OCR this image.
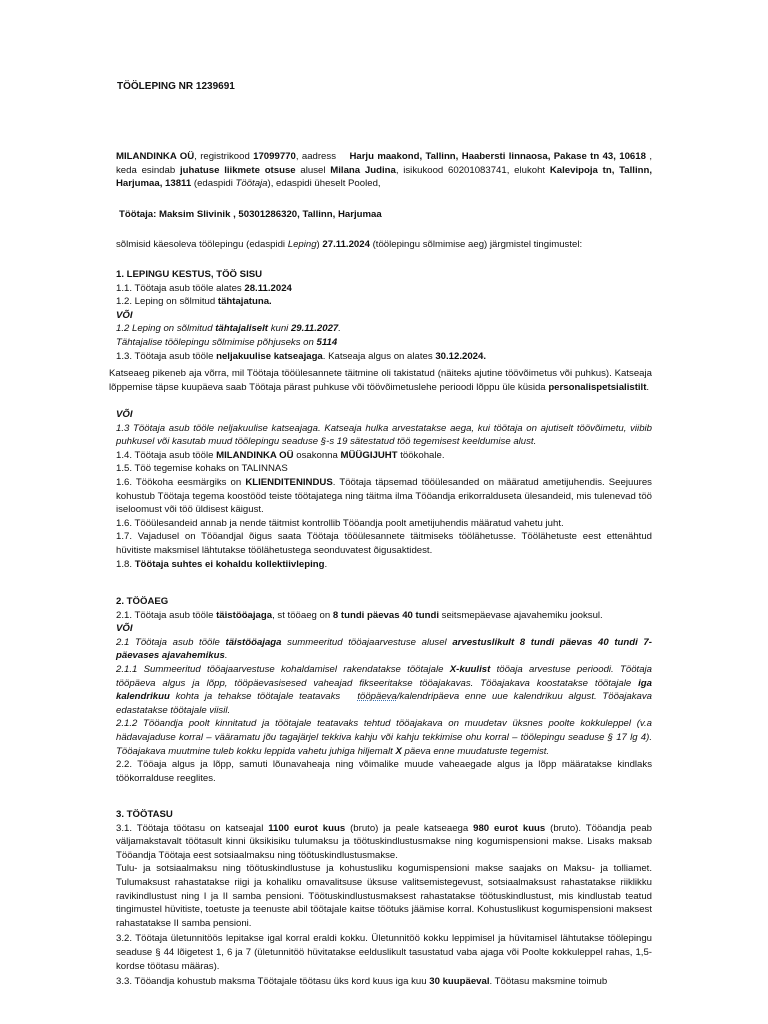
TÖÖLEPING NR 1239691

MILANDINKA OÜ, registrikood 17099770, aadress Harju maakond, Tallinn, Haabersti linnaosa, Pakase tn 43, 10618 , keda esindab juhatuse liikmete otsuse alusel Milana Judina, isikukood 60201083741, elukoht Kalevipoja tn, Tallinn, Harjumaa, 13811 (edaspidi Töötaja), edaspidi üheselt Pooled,

Töötaja: Maksim Slivinik , 50301286320, Tallinn, Harjumaa
sõlmisid käesoleva töölepingu (edaspidi Leping) 27.11.2024 (töölepingu sõlmimise aeg) järgmistel tingimustel:

1. LEPINGU KESTUS, TÖÖ SISU

1.1. Töötaja asub tööle alates 28.11.2024

1.2. Leping on sõlmitud tähtajatuna.

VÕI

1.2 Leping on sõlmitud tähtajaliselt kuni 29.11.2027.

Tähtajalise töölepingu sõlmimise põhjuseks on 5114

1.3. Töötaja asub tööle neljakuulise katseajaga. Katseaja algus on alates 30.12.2024.

Katseaeg pikeneb aja võrra, mil Töötaja tööülesannete täitmine oli takistatud (näiteks ajutine töövõimetus või puhkus). Katseaja lõppemise täpse kuupäeva saab Töötaja pärast puhkuse või töövõimetuslehe perioodi lõppu üle küsida personalispetsialistilt.

VÕI

1.3 Töötaja asub tööle neljakuulise katseajaga. Katseaja hulka arvestatakse aega, kui töötaja on ajutiselt töövõimetu, viibib puhkusel või kasutab muud töölepingu seaduse §-s 19 sätestatud töö tegemisest keeldumise alust.

1.4. Töötaja asub tööle MILANDINKA OÜ osakonna MÜÜGIJUHT töökohale.

1.5. Töö tegemise kohaks on TALINNAS

1.6. Töökoha eesmärgiks on KLIENDITENINDUS. Töötaja täpsemad tööülesanded on määratud ametijuhendis. Seejuures kohustub Töötaja tegema koostööd teiste töötajatega ning täitma ilma Tööandja erikorralduseta ülesandeid, mis tulenevad töö iseloomust või töö üldisest käigust.

1.6. Tööülesandeid annab ja nende täitmist kontrollib Tööandja poolt ametijuhendis määratud vahetu juht.

1.7. Vajadusel on Tööandjal õigus saata Töötaja tööülesannete täitmiseks töölähetusse. Töölähetuste eest ettenähtud hüvitiste maksmisel lähtutakse töölähetustega seonduvatest õigusaktidest.

1.8. Töötaja suhtes ei kohaldu kollektiivleping.

2. TÖÖAEG

2.1. Töötaja asub tööle täistööajaga, st tööaeg on 8 tundi päevas 40 tundi seitsmepäevase ajavahemiku jooksul.

VÕI

2.1 Töötaja asub tööle täistööajaga summeeritud tööajaarvestuse alusel arvestuslikult 8 tundi päevas 40 tundi 7-päevases ajavahemikus.

2.1.1 Summeeritud tööajaarvestuse kohaldamisel rakendatakse töötajale X-kuulist tööaja arvestuse perioodi. Töötaja tööpäeva algus ja lõpp, tööpäevasisesed vaheajad fikseeritakse tööajakavas. Tööajakava koostatakse töötajale iga kalendrikuu kohta ja tehakse töötajale teatavaks tööpäeva/kalendripäeva enne uue kalendrikuu algust. Tööajakava edastatakse töötajale viisil.

2.1.2 Tööandja poolt kinnitatud ja töötajale teatavaks tehtud tööajakava on muudetav üksnes poolte kokkuleppel (v.a hädavajaduse korral – vääramatu jõu tagajärjel tekkiva kahju või kahju tekkimise ohu korral – töölepingu seaduse § 17 lg 4). Tööajakava muutmine tuleb kokku leppida vahetu juhiga hiljemalt X päeva enne muudatuste tegemist.

2.2. Tööaja algus ja lõpp, samuti lõunavaheaja ning võimalike muude vaheaegade algus ja lõpp määratakse kindlaks töökorralduse reeglites.

3. TÖÖTASU

3.1. Töötaja töötasu on katseajal 1100 eurot kuus (bruto) ja peale katseaega 980 eurot kuus (bruto). Tööandja peab väljamakstavalt töötasult kinni üksikisiku tulumaksu ja töötuskindlustusmakse ning kogumispensioni makse. Lisaks maksab Tööandja Töötaja eest sotsiaalmaksu ning töötuskindlustusmakse.

Tulu- ja sotsiaalmaksu ning töötuskindlustuse ja kohustusliku kogumispensioni makse saajaks on Maksu- ja tolliamet. Tulumaksust rahastatakse riigi ja kohaliku omavalitsuse üksuse valitsemistegevust, sotsiaalmaksust rahastatakse riiklikku ravikindlustust ning I ja II samba pensioni. Töötuskindlustusmaksest rahastatakse töötuskindlustust, mis kindlustab teatud tingimustel hüvitiste, toetuste ja teenuste abil töötajale kaitse töötuks jäämise korral. Kohustuslikust kogumispensioni maksest rahastatakse II samba pensioni.

3.2. Töötaja ületunnitöös lepitakse igal korral eraldi kokku. Ületunnitöö kokku leppimisel ja hüvitamisel lähtutakse töölepingu seaduse § 44 lõigetest 1, 6 ja 7 (ületunnitöö hüvitatakse eelduslikult tasustatud vaba ajaga või Poolte kokkuleppel rahas, 1,5-kordse töötasu määras).

3.3. Tööandja kohustub maksma Töötajale töötasu üks kord kuus iga kuu 30 kuupäeval. Töötasu maksmine toimub
